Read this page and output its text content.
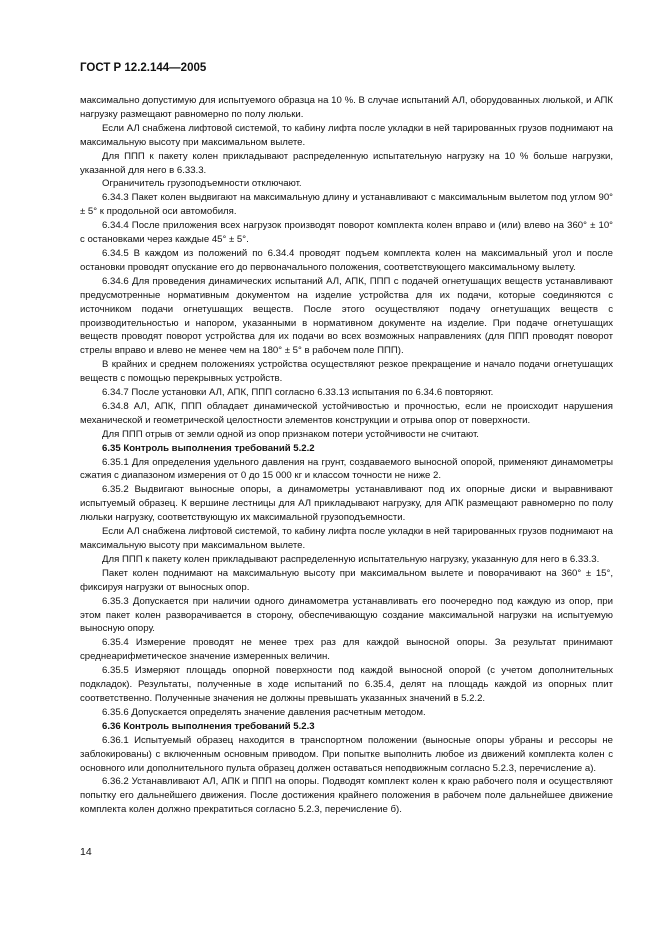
ГОСТ Р 12.2.144—2005

максимально допустимую для испытуемого образца на 10 %. В случае испытаний АЛ, оборудованных люлькой, и АПК нагрузку размещают равномерно по полу люльки.

Если АЛ снабжена лифтовой системой, то кабину лифта после укладки в ней тарированных грузов поднимают на максимальную высоту при максимальном вылете.

Для ППП к пакету колен прикладывают распределенную испытательную нагрузку на 10 % больше нагрузки, указанной для него в 6.33.3.

Ограничитель грузоподъемности отключают.

6.34.3 Пакет колен выдвигают на максимальную длину и устанавливают с максимальным вылетом под углом 90° ± 5° к продольной оси автомобиля.

6.34.4 После приложения всех нагрузок производят поворот комплекта колен вправо и (или) влево на 360° ± 10° с остановками через каждые 45° ± 5°.

6.34.5 В каждом из положений по 6.34.4 проводят подъем комплекта колен на максимальный угол и после остановки проводят опускание его до первоначального положения, соответствующего максимальному вылету.

6.34.6 Для проведения динамических испытаний АЛ, АПК, ППП с подачей огнетушащих веществ устанавливают предусмотренные нормативным документом на изделие устройства для их подачи, которые соединяются с источником подачи огнетушащих веществ. После этого осуществляют подачу огнетушащих веществ с производительностью и напором, указанными в нормативном документе на изделие. При подаче огнетушащих веществ проводят поворот устройства для их подачи во всех возможных направлениях (для ППП проводят поворот стрелы вправо и влево не менее чем на 180° ± 5° в рабочем поле ППП).

В крайних и среднем положениях устройства осуществляют резкое прекращение и начало подачи огнетушащих веществ с помощью перекрывных устройств.

6.34.7 После установки АЛ, АПК, ППП согласно 6.33.13 испытания по 6.34.6 повторяют.

6.34.8 АЛ, АПК, ППП обладает динамической устойчивостью и прочностью, если не происходит нарушения механической и геометрической целостности элементов конструкции и отрыва опор от поверхности.

Для ППП отрыв от земли одной из опор признаком потери устойчивости не считают.

6.35 Контроль выполнения требований 5.2.2

6.35.1 Для определения удельного давления на грунт, создаваемого выносной опорой, применяют динамометры сжатия с диапазоном измерения от 0 до 15 000 кг и классом точности не ниже 2.

6.35.2 Выдвигают выносные опоры, а динамометры устанавливают под их опорные диски и выравнивают испытуемый образец. К вершине лестницы для АЛ прикладывают нагрузку, для АПК размещают равномерно по полу люльки нагрузку, соответствующую их максимальной грузоподъемности.

Если АЛ снабжена лифтовой системой, то кабину лифта после укладки в ней тарированных грузов поднимают на максимальную высоту при максимальном вылете.

Для ППП к пакету колен прикладывают распределенную испытательную нагрузку, указанную для него в 6.33.3.

Пакет колен поднимают на максимальную высоту при максимальном вылете и поворачивают на 360° ± 15°, фиксируя нагрузки от выносных опор.

6.35.3 Допускается при наличии одного динамометра устанавливать его поочередно под каждую из опор, при этом пакет колен разворачивается в сторону, обеспечивающую создание максимальной нагрузки на испытуемую выносную опору.

6.35.4 Измерение проводят не менее трех раз для каждой выносной опоры. За результат принимают среднеарифметическое значение измеренных величин.

6.35.5 Измеряют площадь опорной поверхности под каждой выносной опорой (с учетом дополнительных подкладок). Результаты, полученные в ходе испытаний по 6.35.4, делят на площадь каждой из опорных плит соответственно. Полученные значения не должны превышать указанных значений в 5.2.2.

6.35.6 Допускается определять значение давления расчетным методом.

6.36 Контроль выполнения требований 5.2.3

6.36.1 Испытуемый образец находится в транспортном положении (выносные опоры убраны и рессоры не заблокированы) с включенным основным приводом. При попытке выполнить любое из движений комплекта колен с основного или дополнительного пульта образец должен оставаться неподвижным согласно 5.2.3, перечисление а).

6.36.2 Устанавливают АЛ, АПК и ППП на опоры. Подводят комплект колен к краю рабочего поля и осуществляют попытку его дальнейшего движения. После достижения крайнего положения в рабочем поле дальнейшее движение комплекта колен должно прекратиться согласно 5.2.3, перечисление б).

14
